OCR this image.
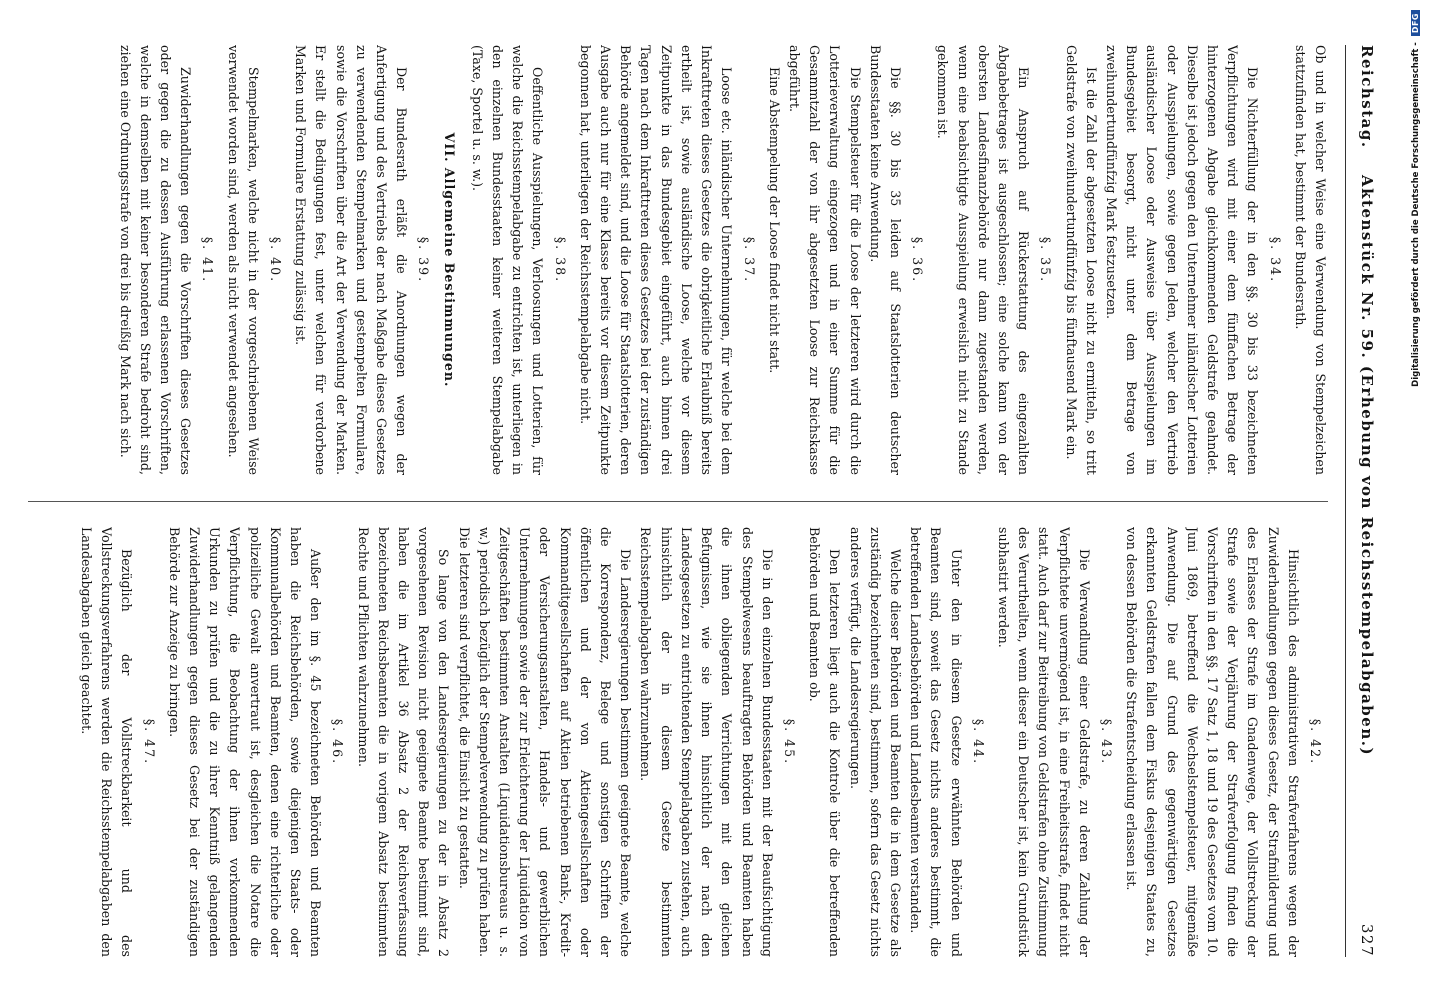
Reichstag.
Aktenstück Nr. 59. (Erhebung von Reichsstempelabgaben.)
327

Ob und in welcher Weise eine Verwendung von Stempelzeichen stattzufinden hat, bestimmt der Bundesrath.

§. 34.

Die Nichterfüllung der in den §§. 30 bis 33 bezeichneten Verpflichtungen wird mit einer dem fünffachen Betrage der hinterzogenen Abgabe gleichkommenden Geldstrafe geahndet. Dieselbe ist jedoch gegen den Unternehmer inländischer Lotterien oder Ausspielungen, sowie gegen Jeden, welcher den Vertrieb ausländischer Loose oder Ausweise über Ausspielungen im Bundesgebiet besorgt, nicht unter dem Betrage von zweihundertundfünfzig Mark festzusetzen.

Ist die Zahl der abgesetzten Loose nicht zu ermitteln, so tritt Geldstrafe von zweihundertundfünfzig bis fünftausend Mark ein.

§. 35.

Ein Anspruch auf Rückerstattung des eingezahlten Abgabebetrages ist ausgeschlossen; eine solche kann von der obersten Landesfinanzbehörde nur dann zugestanden werden, wenn eine beabsichtigte Ausspielung erweislich nicht zu Stande gekommen ist.

§. 36.

Die §§. 30 bis 35 leiden auf Staatslotterien deutscher Bundesstaaten keine Anwendung.

Die Stempelsteuer für die Loose der letzteren wird durch die Lotterieverwaltung eingezogen und in einer Summe für die Gesammtzahl der von ihr abgesetzten Loose zur Reichskasse abgeführt.

Eine Abstempelung der Loose findet nicht statt.

§. 37.

Loose etc. inländischer Unternehmungen, für welche bei dem Inkrafttreten dieses Gesetzes die obrigkeitliche Erlaubniß bereits ertheilt ist, sowie ausländische Loose, welche vor diesem Zeitpunkte in das Bundesgebiet eingeführt, auch binnen drei Tagen nach dem Inkrafttreten dieses Gesetzes bei der zuständigen Behörde angemeldet sind, und die Loose für Staatslotterien, deren Ausgabe auch nur für eine Klasse bereits vor diesem Zeitpunkte begonnen hat, unterliegen der Reichsstempelabgabe nicht.

§. 38.

Oeffentliche Ausspielungen, Verloosungen und Lotterien, für welche die Reichsstempelabgabe zu entrichten ist, unterliegen in den einzelnen Bundesstaaten keiner weiteren Stempelabgabe (Taxe, Sportel u. s. w.).

VII. Allgemeine Bestimmungen.
§. 39.

Der Bundesrath erläßt die Anordnungen wegen der Anfertigung und des Vertriebs der nach Maßgabe dieses Gesetzes zu verwendenden Stempelmarken und gestempelten Formulare, sowie die Vorschriften über die Art der Verwendung der Marken. Er stellt die Bedingungen fest, unter welchen für verdorbene Marken und Formulare Erstattung zulässig ist.

§. 40.

Stempelmarken, welche nicht in der vorgeschriebenen Weise verwendet worden sind, werden als nicht verwendet angesehen.

§. 41.

Zuwiderhandlungen gegen die Vorschriften dieses Gesetzes oder gegen die zu dessen Ausführung erlassenen Vorschriften, welche in demselben mit keiner besonderen Strafe bedroht sind, ziehen eine Ordnungsstrafe von drei bis dreißig Mark nach sich.

§. 42.

Hinsichtlich des administrativen Strafverfahrens wegen der Zuwiderhandlungen gegen dieses Gesetz, der Strafmilderung und des Erlasses der Strafe im Gnadenwege, der Vollstreckung der Strafe sowie der Verjährung der Strafverfolgung finden die Vorschriften in den §§. 17 Satz 1, 18 und 19 des Gesetzes vom 10. Juni 1869, betreffend die Wechselstempelsteuer, mitgemäße Anwendung. Die auf Grund des gegenwärtigen Gesetzes erkannten Geldstrafen fallen dem Fiskus desjenigen Staates zu, von dessen Behörden die Strafentscheidung erlassen ist.

§. 43.

Die Verwandlung einer Geldstrafe, zu deren Zahlung der Verpflichtete unvermögend ist, in eine Freiheitsstrafe, findet nicht statt. Auch darf zur Beitreibung von Geldstrafen ohne Zustimmung des Verurtheilten, wenn dieser ein Deutscher ist, kein Grundstück subhastirt werden.

§. 44.

Unter den in diesem Gesetze erwähnten Behörden und Beamten sind, soweit das Gesetz nichts anderes bestimmt, die betreffenden Landesbehörden und Landesbeamten verstanden.

Welche dieser Behörden und Beamten die in dem Gesetze als zuständig bezeichneten sind, bestimmen, sofern das Gesetz nichts anderes verfügt, die Landesregierungen.

Den letzteren liegt auch die Kontrole über die betreffenden Behörden und Beamten ob.

§. 45.

Die in den einzelnen Bundesstaaten mit der Beaufsichtigung des Stempelwesens beauftragten Behörden und Beamten haben die ihnen obliegenden Verrichtungen mit den gleichen Befugnissen, wie sie ihnen hinsichtlich der nach den Landesgesetzen zu entrichtenden Stempelabgaben zustehen, auch hinsichtlich der in diesem Gesetze bestimmten Reichsstempelabgaben wahrzunehmen.

Die Landesregierungen bestimmen geeignete Beamte, welche die Korrespondenz, Belege und sonstigen Schriften der öffentlichen und der von Aktiengesellschaften oder Kommanditgesellschaften auf Aktien betriebenen Bank-, Kredit- oder Versicherungsanstalten, Handels- und gewerblichen Unternehmungen sowie der zur Erleichterung der Liquidation von Zeitgeschäften bestimmten Anstalten (Liquidationsbureaus u. s. w.) periodisch bezüglich der Stempelverwendung zu prüfen haben. Die letzteren sind verpflichtet, die Einsicht zu gestatten.

So lange von den Landesregierungen zu der in Absatz 2 vorgesehenen Revision nicht geeignete Beamte bestimmt sind, haben die im Artikel 36 Absatz 2 der Reichsverfassung bezeichneten Reichsbeamten die in vorigem Absatz bestimmten Rechte und Pflichten wahrzunehmen.

§. 46.

Außer den im §. 45 bezeichneten Behörden und Beamten haben die Reichsbehörden, sowie diejenigen Staats- oder Kommunalbehörden und Beamten, denen eine richterliche oder polizeiliche Gewalt anvertraut ist, desgleichen die Notare die Verpflichtung, die Beobachtung der ihnen vorkommenden Urkunden zu prüfen und die zu ihrer Kenntniß gelangenden Zuwiderhandlungen gegen dieses Gesetz bei der zuständigen Behörde zur Anzeige zu bringen.

§. 47.

Bezüglich der Vollstreckbarkeit und des Vollstreckungsverfahrens werden die Reichsstempelabgaben den Landesabgaben gleich geachtet.

Digitalisierung gefördert durch die Deutsche Forschungsgemeinschaft -DFG
